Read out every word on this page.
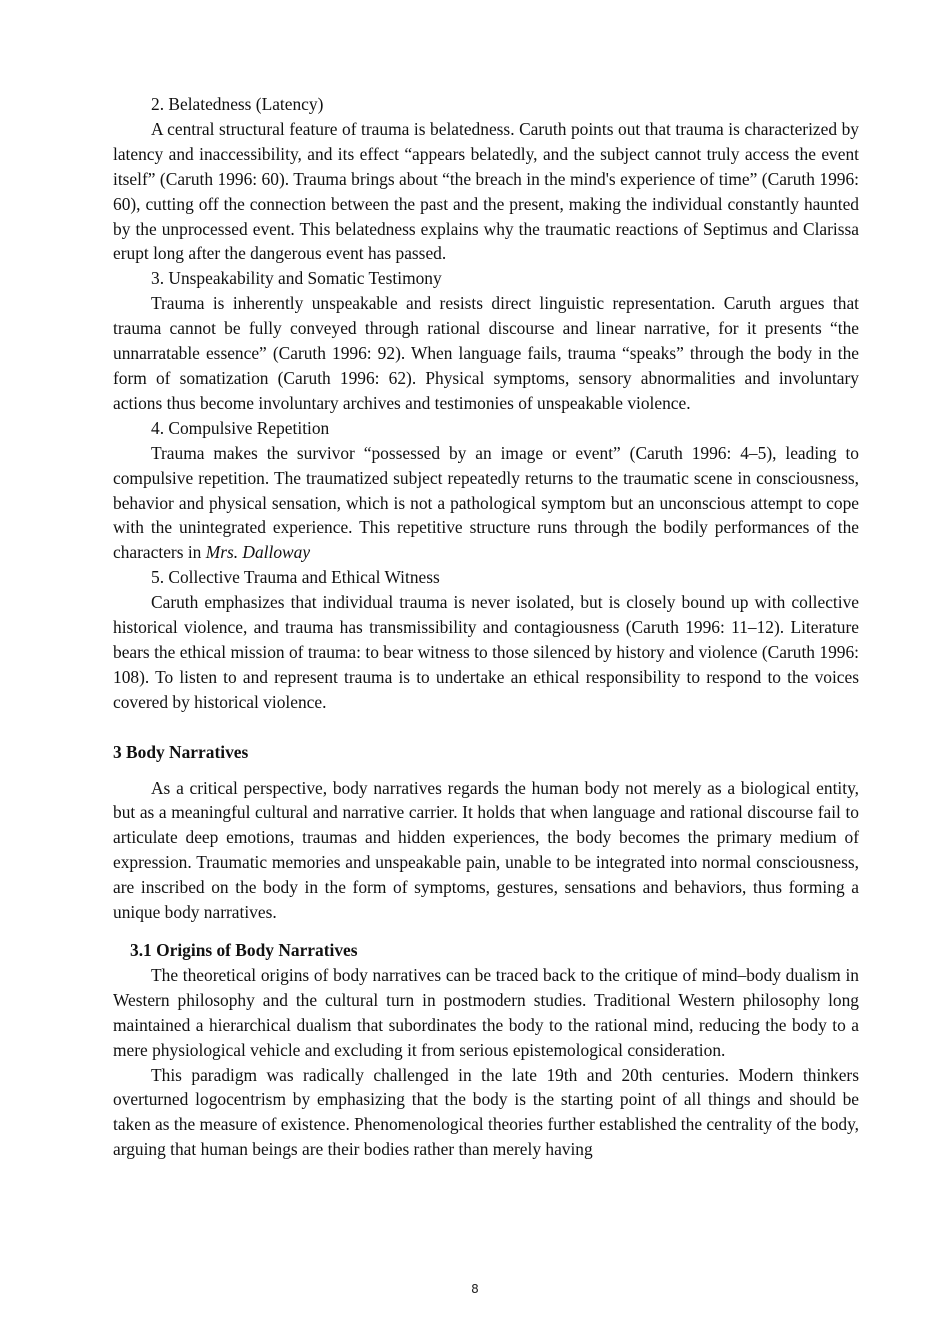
2. Belatedness (Latency)

A central structural feature of trauma is belatedness. Caruth points out that trauma is characterized by latency and inaccessibility, and its effect “appears belatedly, and the subject cannot truly access the event itself” (Caruth 1996: 60). Trauma brings about “the breach in the mind's experience of time” (Caruth 1996: 60), cutting off the connection between the past and the present, making the individual constantly haunted by the unprocessed event. This belatedness explains why the traumatic reactions of Septimus and Clarissa erupt long after the dangerous event has passed.

3. Unspeakability and Somatic Testimony

Trauma is inherently unspeakable and resists direct linguistic representation. Caruth argues that trauma cannot be fully conveyed through rational discourse and linear narrative, for it presents “the unnarratable essence” (Caruth 1996: 92). When language fails, trauma “speaks” through the body in the form of somatization (Caruth 1996: 62). Physical symptoms, sensory abnormalities and involuntary actions thus become involuntary archives and testimonies of unspeakable violence.

4. Compulsive Repetition

Trauma makes the survivor “possessed by an image or event” (Caruth 1996: 4–5), leading to compulsive repetition. The traumatized subject repeatedly returns to the traumatic scene in consciousness, behavior and physical sensation, which is not a pathological symptom but an unconscious attempt to cope with the unintegrated experience. This repetitive structure runs through the bodily performances of the characters in Mrs. Dalloway

5. Collective Trauma and Ethical Witness

Caruth emphasizes that individual trauma is never isolated, but is closely bound up with collective historical violence, and trauma has transmissibility and contagiousness (Caruth 1996: 11–12). Literature bears the ethical mission of trauma: to bear witness to those silenced by history and violence (Caruth 1996: 108). To listen to and represent trauma is to undertake an ethical responsibility to respond to the voices covered by historical violence.

3 Body Narratives

As a critical perspective, body narratives regards the human body not merely as a biological entity, but as a meaningful cultural and narrative carrier. It holds that when language and rational discourse fail to articulate deep emotions, traumas and hidden experiences, the body becomes the primary medium of expression. Traumatic memories and unspeakable pain, unable to be integrated into normal consciousness, are inscribed on the body in the form of symptoms, gestures, sensations and behaviors, thus forming a unique body narratives.

3.1 Origins of Body Narratives

The theoretical origins of body narratives can be traced back to the critique of mind–body dualism in Western philosophy and the cultural turn in postmodern studies. Traditional Western philosophy long maintained a hierarchical dualism that subordinates the body to the rational mind, reducing the body to a mere physiological vehicle and excluding it from serious epistemological consideration.

This paradigm was radically challenged in the late 19th and 20th centuries. Modern thinkers overturned logocentrism by emphasizing that the body is the starting point of all things and should be taken as the measure of existence. Phenomenological theories further established the centrality of the body, arguing that human beings are their bodies rather than merely having

8
